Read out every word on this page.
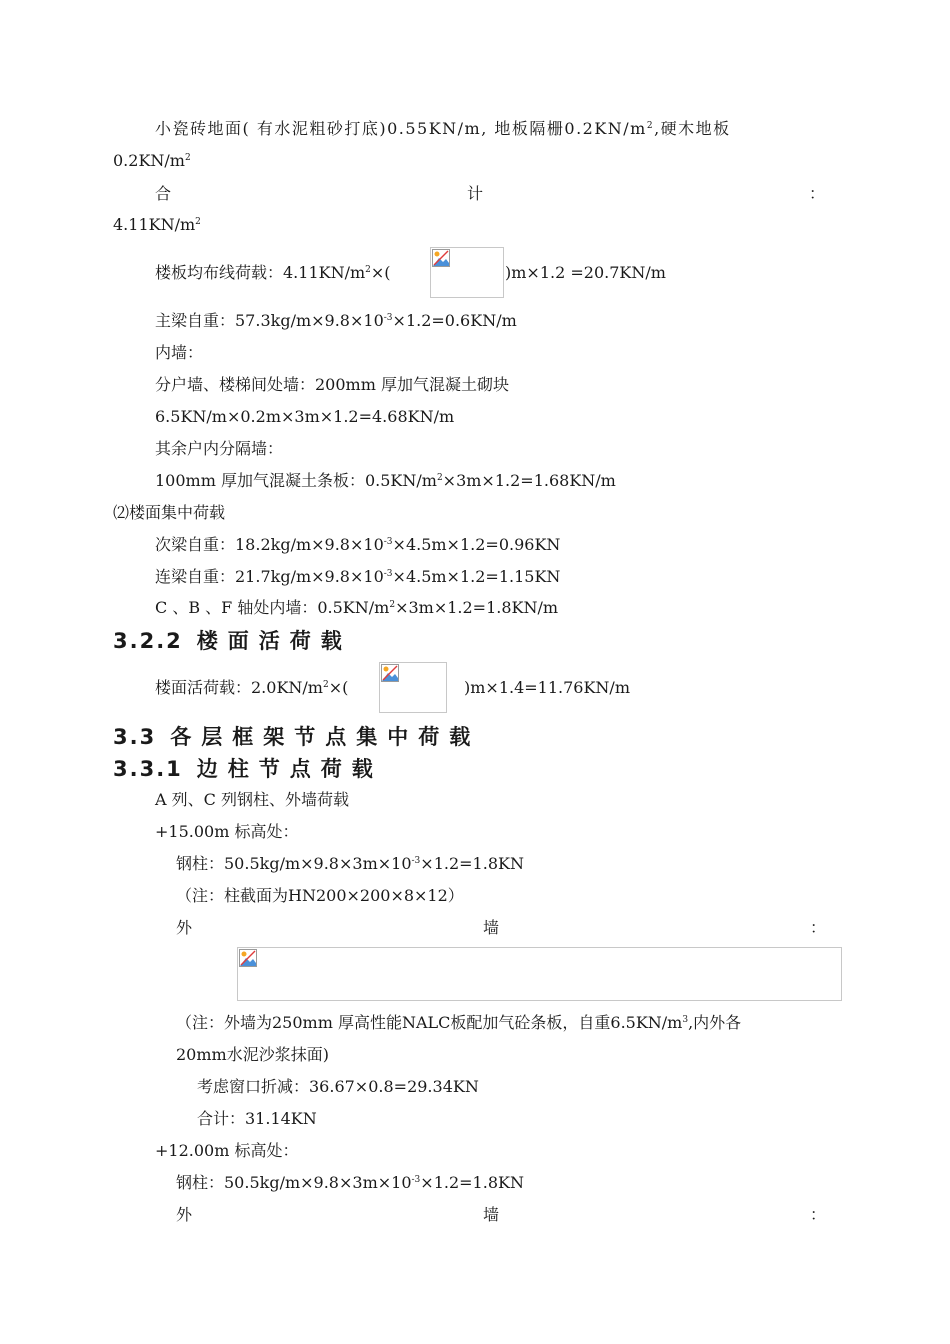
小瓷砖地面( 有水泥粗砂打底)0.55KN/m, 地板隔栅$0.2KN/m^2$,硬木地板
$0.2KN/m^2$
合	计	：
$4.11KN/m^2$
楼板均布线荷载：$4.11KN/m^2\times$(	)m×1.2 =20.7KN/m
主梁自重：$57.3kg/m\times 9.8\times 10^{-3}\times 1.2=0.6KN/m$
内墙：
分户墙、楼梯间处墙：200mm 厚加气混凝土砌块
6.5KN/m×0.2m×3m×1.2=4.68KN/m
其余户内分隔墙：
100mm 厚加气混凝土条板：$0.5KN/m^2\times 3m\times 1.2=1.68KN/m$
⑵楼面集中荷载
次梁自重：$18.2kg/m\times 9.8\times 10^{-3}\times 4.5m\times 1.2=0.96KN$
连梁自重：$21.7kg/m\times 9.8\times 10^{-3}\times 4.5m\times 1.2=1.15KN$
C 、B 、F 轴处内墙：$0.5KN/m^2\times 3m\times 1.2=1.8KN/m$
3.2.2 楼面活荷载
楼面活荷载：$2.0KN/m^2\times$(	)m×1.4=11.76KN/m
3.3 各层框架节点集中荷载
3.3.1 边柱节点荷载
A 列、C 列钢柱、外墙荷载
+15.00m 标高处：
钢柱：$50.5kg/m\times 9.8\times 3m\times 10^{-3}\times 1.2=1.8KN$
（注：柱截面为HN200×200×8×12）
外	墙	：
（注：外墙为250mm 厚高性能NALC板配加气砼条板，自重$6.5KN/m^3$,内外各
20mm水泥沙浆抹面)
考虑窗口折减：36.67×0.8=29.34KN
合计：31.14KN
+12.00m 标高处：
钢柱：$50.5kg/m\times 9.8\times 3m\times 10^{-3}\times 1.2=1.8KN$
外	墙	：
